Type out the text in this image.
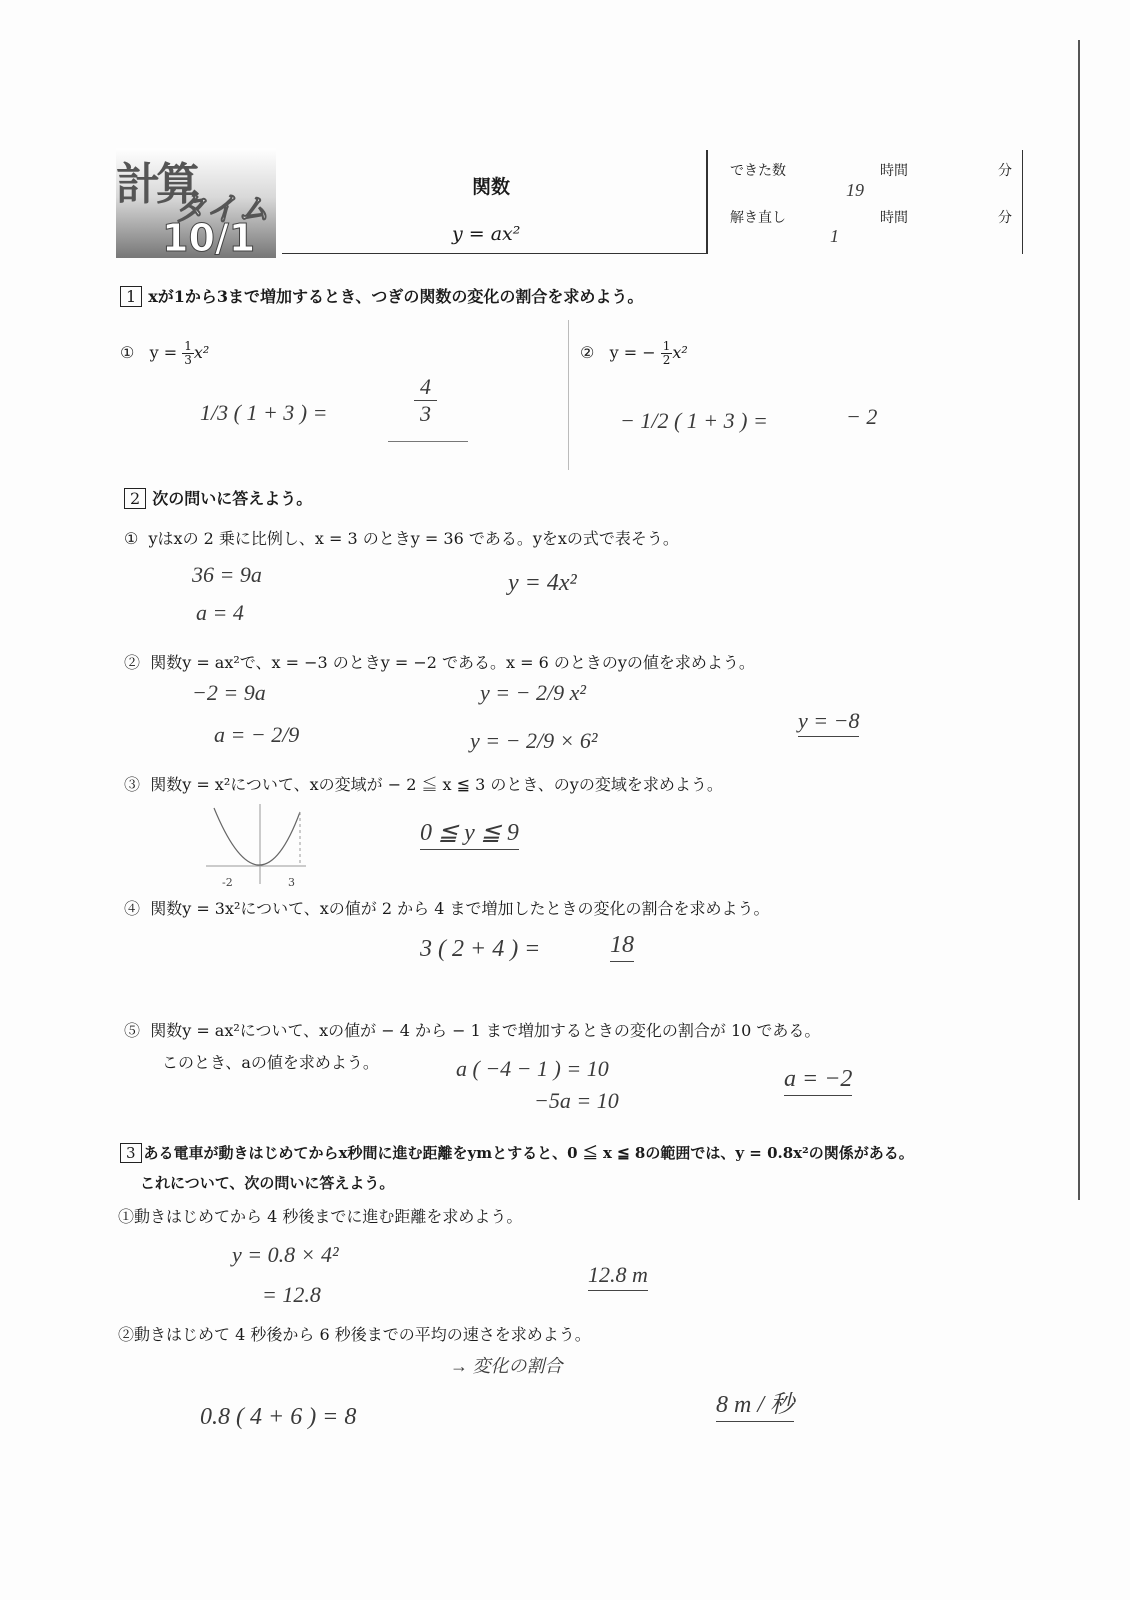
計算
タイム
10/1
関数
y = ax²
できた数	時間	分
19
解き直し	時間	分
1
1 xが1から3まで増加するとき、つぎの関数の変化の割合を求めよう。
① $y = \frac{1}{3} x^2$
1/3 ( 1 + 3 ) =
4
3
② y = − $\frac{1}{2} x^2$
− 1/2 ( 1 + 3 ) =	− 2
2 次の問いに答えよう。
① yはxの 2 乗に比例し、x = 3 のときy = 36 である。yをxの式で表そう。
36 = 9a
a = 4
y = 4x²
② 関数y = ax²で、x = −3 のときy = −2 である。x = 6 のときのyの値を求めよう。
−2 = 9a
a = − 2/9
y = − 2/9 x²
y = − 2/9 × 6²
y = −8
③ 関数y = x²について、xの変域が − 2 ≦ x ≦ 3 のとき、のyの変域を求めよう。
-2	3
0 ≦ y ≦ 9
④ 関数y = 3x²について、xの値が 2 から 4 まで増加したときの変化の割合を求めよう。
3 ( 2 + 4 ) =	18
⑤ 関数y = ax²について、xの値が − 4 から − 1 まで増加するときの変化の割合が 10 である。
このとき、aの値を求めよう。	a ( −4 − 1 ) = 10
−5a = 10
a = −2
3 ある電車が動きはじめてからx秒間に進む距離をymとすると、0 ≦ x ≦ 8の範囲では、y = 0.8x²の関係がある。
これについて、次の問いに答えよう。
①動きはじめてから 4 秒後までに進む距離を求めよう。
y = 0.8 × 4²
= 12.8
12.8 m
②動きはじめて 4 秒後から 6 秒後までの平均の速さを求めよう。
→ 変化の割合
0.8 ( 4 + 6 ) = 8	8 m / 秒
